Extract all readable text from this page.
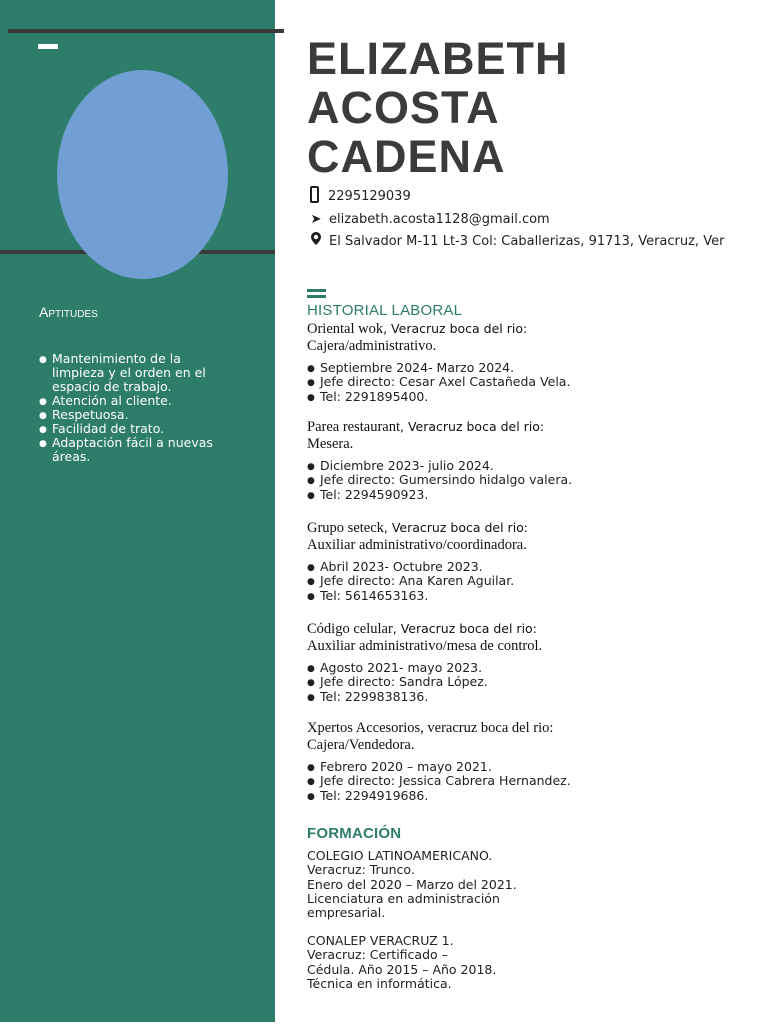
Aptitudes
● Mantenimiento de la limpieza y el orden en el espacio de trabajo.
● Atención al cliente.
● Respetuosa.
● Facilidad de trato.
● Adaptación fácil a nuevas áreas.
ELIZABETH
ACOSTA
CADENA
2295129039
➤ elizabeth.acosta1128@gmail.com
El Salvador M-11 Lt-3 Col: Caballerizas, 91713, Veracruz, Ver
HISTORIAL LABORAL
Oriental wok, Veracruz boca del rio:
Cajera/administrativo.
● Septiembre 2024- Marzo 2024.
● Jefe directo: Cesar Axel Castañeda Vela.
● Tel: 2291895400.
Parea restaurant, Veracruz boca del rio:
Mesera.
● Diciembre 2023- julio 2024.
● Jefe directo: Gumersindo hidalgo valera.
● Tel: 2294590923.
Grupo seteck, Veracruz boca del rio:
Auxiliar administrativo/coordinadora.
● Abril 2023- Octubre 2023.
● Jefe directo: Ana Karen Aguilar.
● Tel: 5614653163.
Código celular, Veracruz boca del rio:
Auxiliar administrativo/mesa de control.
● Agosto 2021- mayo 2023.
● Jefe directo: Sandra López.
● Tel: 2299838136.
Xpertos Accesorios, veracruz boca del rio: Cajera/Vendedora.
● Febrero 2020 – mayo 2021.
● Jefe directo: Jessica Cabrera Hernandez.
● Tel: 2294919686.
FORMACIÓN

COLEGIO LATINOAMERICANO.

Veracruz: Trunco.

Enero del 2020 – Marzo del 2021.

Licenciatura en administración empresarial.

CONALEP VERACRUZ 1.

Veracruz: Certificado –

Cédula. Año 2015 – Año 2018.

Técnica en informática.
